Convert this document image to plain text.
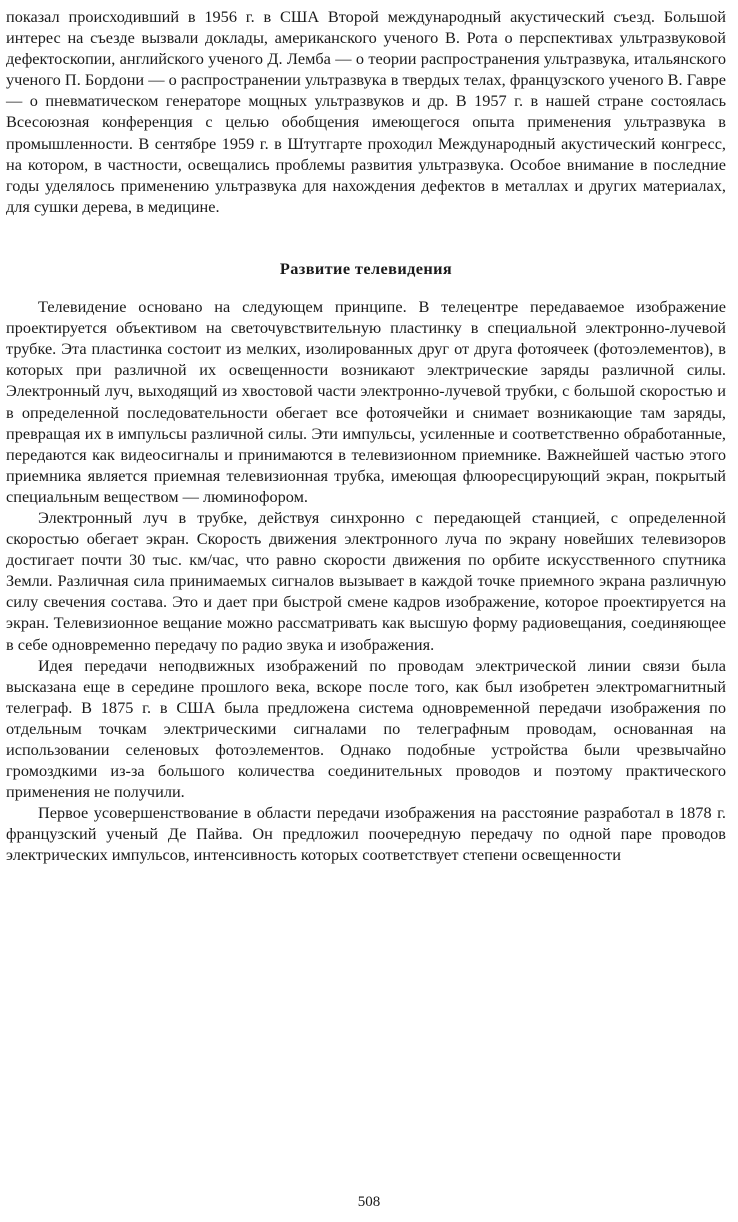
показал происходивший в 1956 г. в США Второй международный акустический съезд. Большой интерес на съезде вызвали доклады, американского ученого В. Рота о перспективах ультразвуковой дефектоскопии, английского ученого Д. Лемба — о теории распространения ультразвука, итальянского ученого П. Бордони — о распространении ультразвука в твердых телах, французского ученого В. Гавре — о пневматическом генераторе мощных ультразвуков и др. В 1957 г. в нашей стране состоялась Всесоюзная конференция с целью обобщения имеющегося опыта применения ультразвука в промышленности. В сентябре 1959 г. в Штутгарте проходил Международный акустический конгресс, на котором, в частности, освещались проблемы развития ультразвука. Особое внимание в последние годы уделялось применению ультразвука для нахождения дефектов в металлах и других материалах, для сушки дерева, в медицине.

Развитие телевидения

Телевидение основано на следующем принципе. В телецентре передаваемое изображение проектируется объективом на светочувствительную пластинку в специальной электронно-лучевой трубке. Эта пластинка состоит из мелких, изолированных друг от друга фотоячеек (фотоэлементов), в которых при различной их освещенности возникают электрические заряды различной силы. Электронный луч, выходящий из хвостовой части электронно-лучевой трубки, с большой скоростью и в определенной последовательности обегает все фотоячейки и снимает возникающие там заряды, превращая их в импульсы различной силы. Эти импульсы, усиленные и соответственно обработанные, передаются как видеосигналы и принимаются в телевизионном приемнике. Важнейшей частью этого приемника является приемная телевизионная трубка, имеющая флюоресцирующий экран, покрытый специальным веществом — люминофором.

Электронный луч в трубке, действуя синхронно с передающей станцией, с определенной скоростью обегает экран. Скорость движения электронного луча по экрану новейших телевизоров достигает почти 30 тыс. км/час, что равно скорости движения по орбите искусственного спутника Земли. Различная сила принимаемых сигналов вызывает в каждой точке приемного экрана различную силу свечения состава. Это и дает при быстрой смене кадров изображение, которое проектируется на экран. Телевизионное вещание можно рассматривать как высшую форму радиовещания, соединяющее в себе одновременно передачу по радио звука и изображения.

Идея передачи неподвижных изображений по проводам электрической линии связи была высказана еще в середине прошлого века, вскоре после того, как был изобретен электромагнитный телеграф. В 1875 г. в США была предложена система одновременной передачи изображения по отдельным точкам электрическими сигналами по телеграфным проводам, основанная на использовании селеновых фотоэлементов. Однако подобные устройства были чрезвычайно громоздкими из-за большого количества соединительных проводов и поэтому практического применения не получили.

Первое усовершенствование в области передачи изображения на расстояние разработал в 1878 г. французский ученый Де Пайва. Он предложил поочередную передачу по одной паре проводов электрических импульсов, интенсивность которых соответствует степени освещенности

508
